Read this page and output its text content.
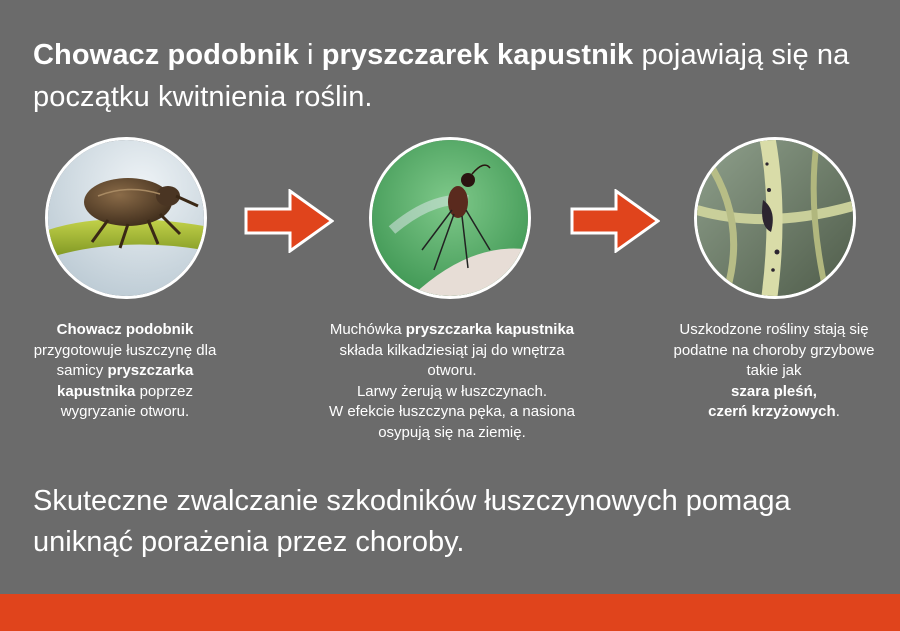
Chowacz podobnik i pryszczarek kapustnik pojawiają się na początku kwitnienia roślin.
Chowacz podobnik
przygotowuje łuszczynę dla samicy pryszczarka kapustnika poprzez wygryzanie otworu.
Muchówka pryszczarka kapustnika składa kilkadziesiąt jaj do wnętrza otworu.
Larwy żerują w łuszczynach.
W efekcie łuszczyna pęka, a nasiona osypują się na ziemię.
Uszkodzone rośliny stają się podatne na choroby grzybowe takie jak
szara pleśń,
czerń krzyżowych.
Skuteczne zwalczanie szkodników łuszczynowych pomaga uniknąć porażenia przez choroby.
